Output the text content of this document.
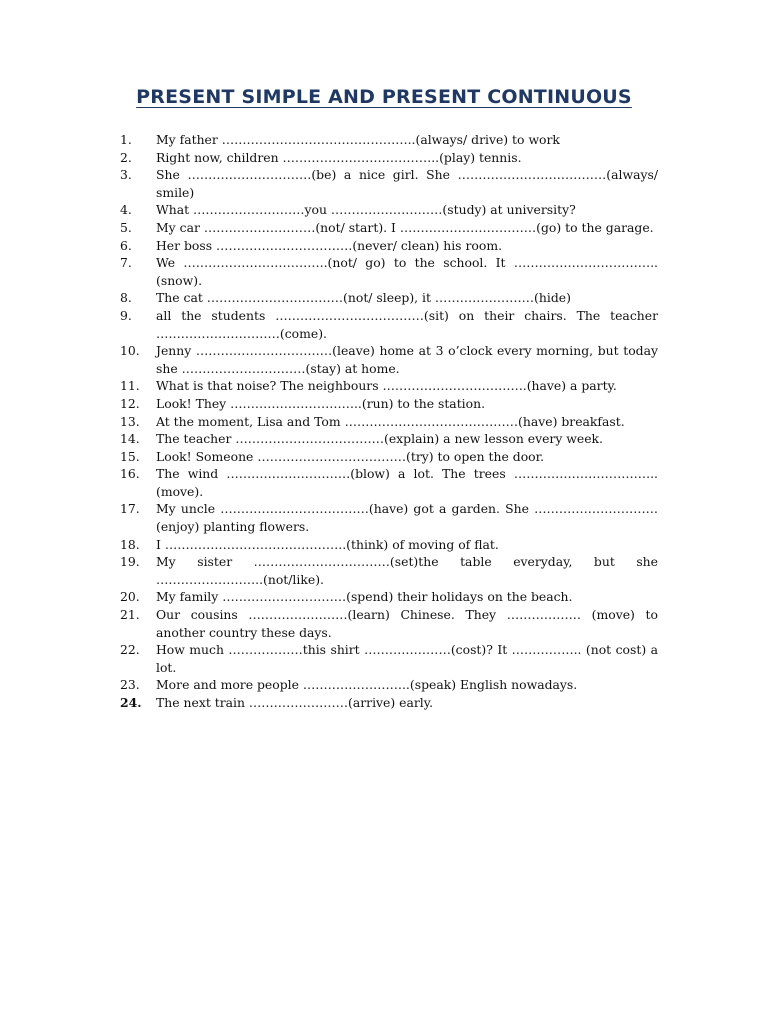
PRESENT SIMPLE AND PRESENT CONTINUOUS
1.	My father ………………………………………..(always/ drive) to work
2.	Right now, children ………………………………..(play) tennis.
3.	She …………………………(be) a nice girl. She ………………………………(always/ smile)
4.	What ………………………you ………………………(study) at university?
5.	My car ………………………(not/ start). I ……………………………(go) to the garage.
6.	Her boss ……………………………(never/ clean) his room.
7.	We ……………………………..(not/ go) to the school. It ……………………………..(snow).
8.	The cat ……………………………(not/ sleep), it ……………………(hide)
9.	all the students ………………………………(sit) on their chairs. The teacher …………………………(come).
10.	Jenny ……………………………(leave) home at 3 o’clock every morning, but today she …………………………(stay) at home.
11.	What is that noise? The neighbours ……………………………..(have) a party.
12.	Look! They …………………………..(run) to the station.
13.	At the moment, Lisa and Tom ……………………………………(have) breakfast.
14.	The teacher ………………………………(explain) a new lesson every week.
15.	Look! Someone ………………………………(try) to open the door.
16.	The wind …………………………(blow) a lot. The trees ……………………………..(move).
17.	My uncle ………………………………(have) got a garden. She …………………………(enjoy) planting flowers.
18.	I ……………………………………..(think) of moving of flat.
19.	My sister ……………………………(set)the table everyday, but she ……………………..(not/like).
20.	My family …………………………(spend) their holidays on the beach.
21.	Our cousins ……………………(learn) Chinese. They ……………… (move) to another country these days.
22.	How much ………………this shirt …………………(cost)? It …………….. (not cost) a lot.
23.	More and more people ……………………..(speak) English nowadays.
24.	The next train ……………………(arrive) early.
